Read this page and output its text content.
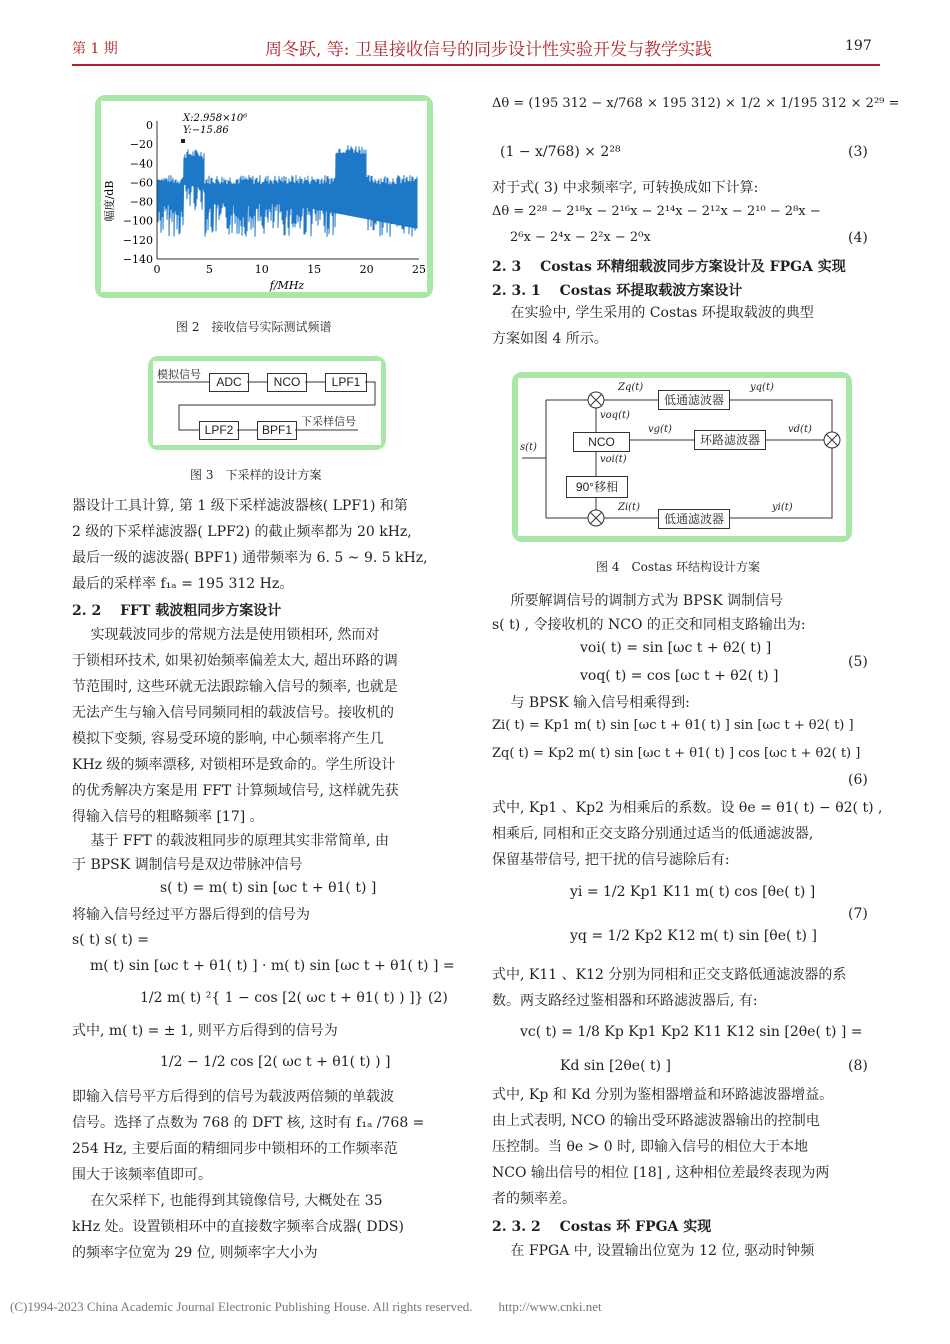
第 1 期	周冬跃, 等: 卫星接收信号的同步设计性实验开发与教学实践	197
0
−20
−40
−60
−80
−100
−120
−140
0	5	10	15	20	25
幅度/dB
f/MHz
X:2.958×10⁶
Y:−15.86
图 2　接收信号实际测试频谱
模拟信号
ADC	NCO	LPF1
LPF2	BPF1
下采样信号
图 3　下采样的设计方案
器设计工具计算, 第 1 级下采样滤波器核( LPF1) 和第
2 级的下采样滤波器( LPF2) 的截止频率都为 20 kHz,
最后一级的滤波器( BPF1) 通带频率为 6. 5 ~ 9. 5 kHz,
最后的采样率 f₁ₐ = 195 312 Hz。
2. 2　 FFT 载波粗同步方案设计
　 实现载波同步的常规方法是使用锁相环, 然而对
于锁相环技术, 如果初始频率偏差太大, 超出环路的调
节范围时, 这些环就无法跟踪输入信号的频率, 也就是
无法产生与输入信号同频同相的载波信号。接收机的
模拟下变频, 容易受环境的影响, 中心频率将产生几
KHz 级的频率漂移, 对锁相环是致命的。学生所设计
的优秀解决方案是用 FFT 计算频域信号, 这样就先获
得输入信号的粗略频率 [17] 。
　 基于 FFT 的载波粗同步的原理其实非常简单, 由
于 BPSK 调制信号是双边带脉冲信号
s( t) = m( t) sin [ωc t + θ1( t) ]
将输入信号经过平方器后得到的信号为
s( t) s( t) =
m( t) sin [ωc t + θ1( t) ] · m( t) sin [ωc t + θ1( t) ] =
1/2 m( t) ²{ 1 − cos [2( ωc t + θ1( t) ) ]} (2)
式中, m( t) = ± 1, 则平方后得到的信号为
1/2 − 1/2 cos [2( ωc t + θ1( t) ) ]
即输入信号平方后得到的信号为载波两倍频的单载波
信号。选择了点数为 768 的 DFT 核, 这时有 f₁ₐ /768 =
254 Hz, 主要后面的精细同步中锁相环的工作频率范
围大于该频率值即可。
　 在欠采样下, 也能得到其镜像信号, 大概处在 35
kHz 处。设置锁相环中的直接数字频率合成器( DDS)
的频率字位宽为 29 位, 则频率字大小为
Δθ = (195 312 − x/768 × 195 312) × 1/2 × 1/195 312 × 2²⁹ =
(1 − x/768) × 2²⁸	(3)
对于式( 3) 中求频率字, 可转换成如下计算:
Δθ = 2²⁸ − 2¹⁸x − 2¹⁶x − 2¹⁴x − 2¹²x − 2¹⁰ − 2⁸x −
2⁶x − 2⁴x − 2²x − 2⁰x	(4)
2. 3　 Costas 环精细载波同步方案设计及 FPGA 实现
2. 3. 1　 Costas 环提取载波方案设计
　 在实验中, 学生采用的 Costas 环提取载波的典型
方案如图 4 所示。
低通滤波器
低通滤波器
环路滤波器
NCO
90°移相
s(t)
Zq(t)
Zi(t)
yq(t)
yi(t)
vd(t)
vg(t)
voq(t)
voi(t)
图 4　Costas 环结构设计方案
　 所要解调信号的调制方式为 BPSK 调制信号
s( t) , 令接收机的 NCO 的正交和同相支路输出为:
voi( t) = sin [ωc t + θ2( t) ]
voq( t) = cos [ωc t + θ2( t) ]
(5)
　 与 BPSK 输入信号相乘得到:
Zi( t) = Kp1 m( t) sin [ωc t + θ1( t) ] sin [ωc t + θ2( t) ]
Zq( t) = Kp2 m( t) sin [ωc t + θ1( t) ] cos [ωc t + θ2( t) ]
(6)
式中, Kp1 、Kp2 为相乘后的系数。设 θe = θ1( t) − θ2( t) ,
相乘后, 同相和正交支路分别通过适当的低通滤波器,
保留基带信号, 把干扰的信号滤除后有:
yi = 1/2 Kp1 K11 m( t) cos [θe( t) ]
yq = 1/2 Kp2 K12 m( t) sin [θe( t) ]
(7)
式中, K11 、K12 分别为同相和正交支路低通滤波器的系
数。两支路经过鉴相器和环路滤波器后, 有:
vc( t) = 1/8 Kp Kp1 Kp2 K11 K12 sin [2θe( t) ] =
Kd sin [2θe( t) ]	(8)
式中, Kp 和 Kd 分别为鉴相器增益和环路滤波器增益。
由上式表明, NCO 的输出受环路滤波器输出的控制电
压控制。当 θe > 0 时, 即输入信号的相位大于本地
NCO 输出信号的相位 [18] , 这种相位差最终表现为两
者的频率差。
2. 3. 2　 Costas 环 FPGA 实现
　 在 FPGA 中, 设置输出位宽为 12 位, 驱动时钟频
(C)1994-2023 China Academic Journal Electronic Publishing House. All rights reserved.　　http://www.cnki.net
